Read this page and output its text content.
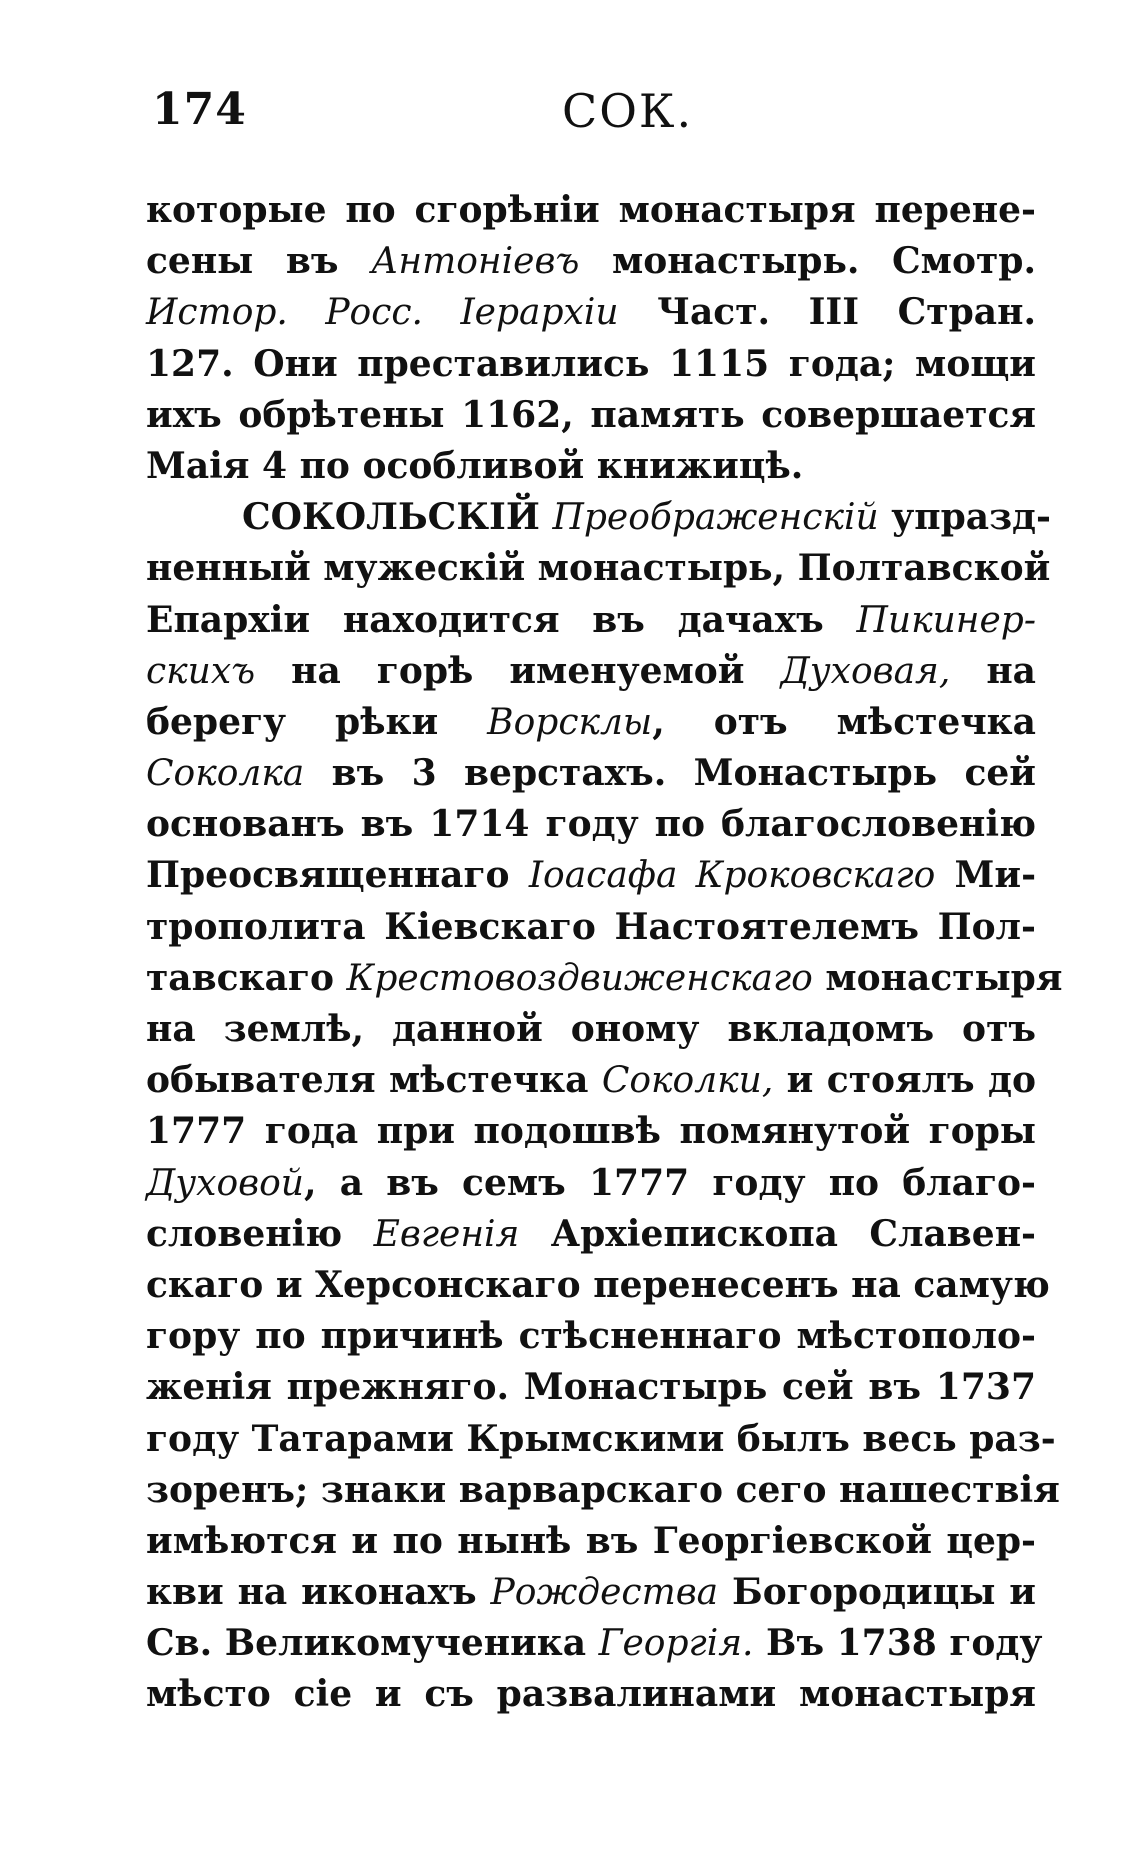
174	СОК.
которые по сгорѣнiи монастыря перене-
сены въ Антонiевъ монастырь. Смотр.
Истор. Росс. Iерархiи Част. III Стран.
127. Они преставились 1115 года; мощи
ихъ обрѣтены 1162, память совершается
Маiя 4 по особливой книжицѣ.
СОКОЛЬСКIЙ Преображенскiй упразд-
ненный мужескiй монастырь, Полтавской
Епархiи находится въ дачахъ Пикинер-
скихъ на горѣ именуемой Духовая, на
берегу рѣки Ворсклы, отъ мѣстечка
Соколка въ 3 верстахъ. Монастырь сей
основанъ въ 1714 году по благословенiю
Преосвященнаго Iоасафа Кроковскаго Ми-
трополита Кiевскаго Настоятелемъ Пол-
тавскаго Крестовоздвиженскаго монастыря
на землѣ, данной оному вкладомъ отъ
обывателя мѣстечка Соколки, и стоялъ до
1777 года при подошвѣ помянутой горы
Духовой, а въ семъ 1777 году по благо-
словенiю Евгенiя Архiепископа Славен-
скаго и Херсонскаго перенесенъ на самую
гору по причинѣ стѣсненнаго мѣстополо-
женiя прежняго. Монастырь сей въ 1737
году Татарами Крымскими былъ весь раз-
зоренъ; знаки варварскаго сего нашествiя
имѣются и по нынѣ въ Георгiевской цер-
кви на иконахъ Рождества Богородицы и
Св. Великомученика Георгiя. Въ 1738 году
мѣсто сiе и съ развалинами монастыря
